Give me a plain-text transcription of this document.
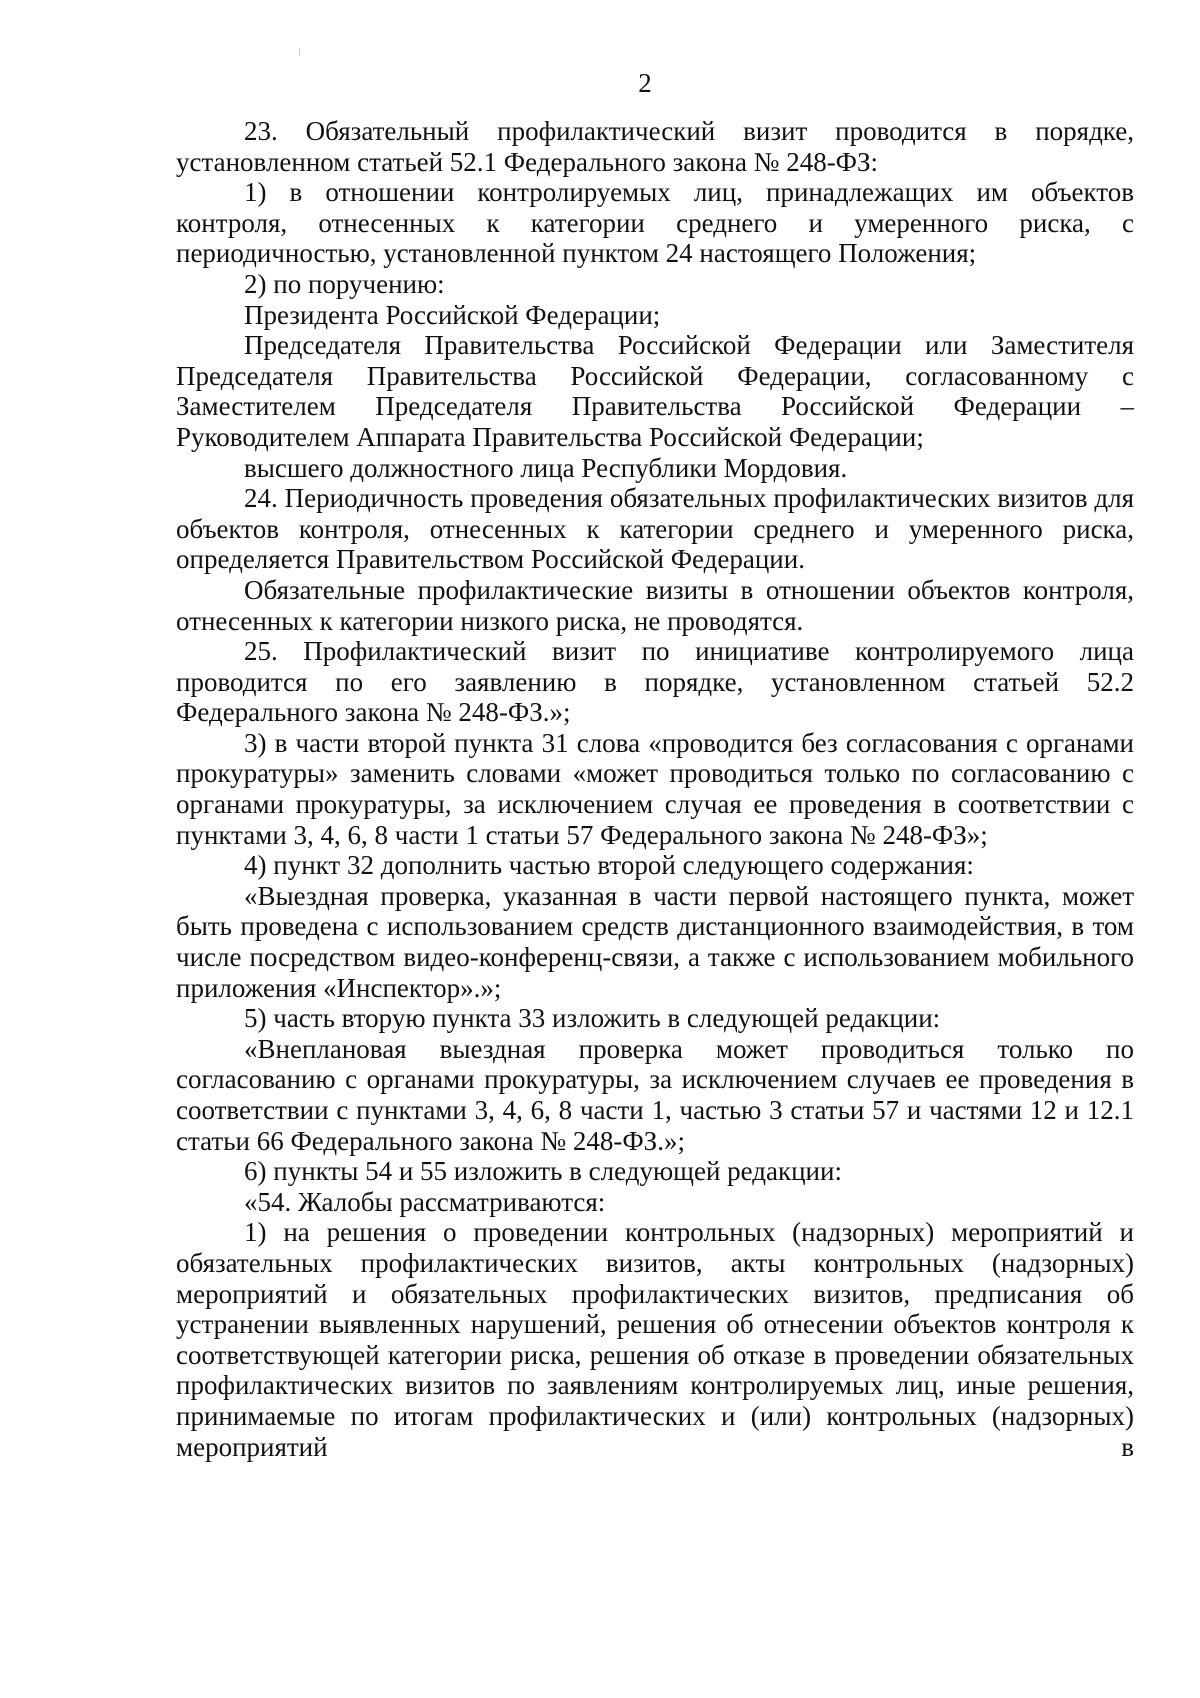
2

23. Обязательный профилактический визит проводится в порядке, установленном статьей 52.1 Федерального закона № 248-ФЗ:

1) в отношении контролируемых лиц, принадлежащих им объектов контроля, отнесенных к категории среднего и умеренного риска, с периодичностью, установленной пунктом 24 настоящего Положения;

2) по поручению:

Президента Российской Федерации;

Председателя Правительства Российской Федерации или Заместителя Председателя Правительства Российской Федерации, согласованному с Заместителем Председателя Правительства Российской Федерации – Руководителем Аппарата Правительства Российской Федерации;

высшего должностного лица Республики Мордовия.

24. Периодичность проведения обязательных профилактических визитов для объектов контроля, отнесенных к категории среднего и умеренного риска, определяется Правительством Российской Федерации.

Обязательные профилактические визиты в отношении объектов контроля, отнесенных к категории низкого риска, не проводятся.

25. Профилактический визит по инициативе контролируемого лица проводится по его заявлению в порядке, установленном статьей 52.2 Федерального закона № 248-ФЗ.»;

3) в части второй пункта 31 слова «проводится без согласования с органами прокуратуры» заменить словами «может проводиться только по согласованию с органами прокуратуры, за исключением случая ее проведения в соответствии с пунктами 3, 4, 6, 8 части 1 статьи 57 Федерального закона № 248-ФЗ»;

4) пункт 32 дополнить частью второй следующего содержания:

«Выездная проверка, указанная в части первой настоящего пункта, может быть проведена с использованием средств дистанционного взаимодействия, в том числе посредством видео-конференц-связи, а также с использованием мобильного приложения «Инспектор».»;

5) часть вторую пункта 33 изложить в следующей редакции:

«Внеплановая выездная проверка может проводиться только по согласованию с органами прокуратуры, за исключением случаев ее проведения в соответствии с пунктами 3, 4, 6, 8 части 1, частью 3 статьи 57 и частями 12 и 12.1 статьи 66 Федерального закона № 248-ФЗ.»;

6) пункты 54 и 55 изложить в следующей редакции:

«54. Жалобы рассматриваются:

1) на решения о проведении контрольных (надзорных) мероприятий и обязательных профилактических визитов, акты контрольных (надзорных) мероприятий и обязательных профилактических визитов, предписания об устранении выявленных нарушений, решения об отнесении объектов контроля к соответствующей категории риска, решения об отказе в проведении обязательных профилактических визитов по заявлениям контролируемых лиц, иные решения, принимаемые по итогам профилактических и (или) контрольных (надзорных) мероприятий в
